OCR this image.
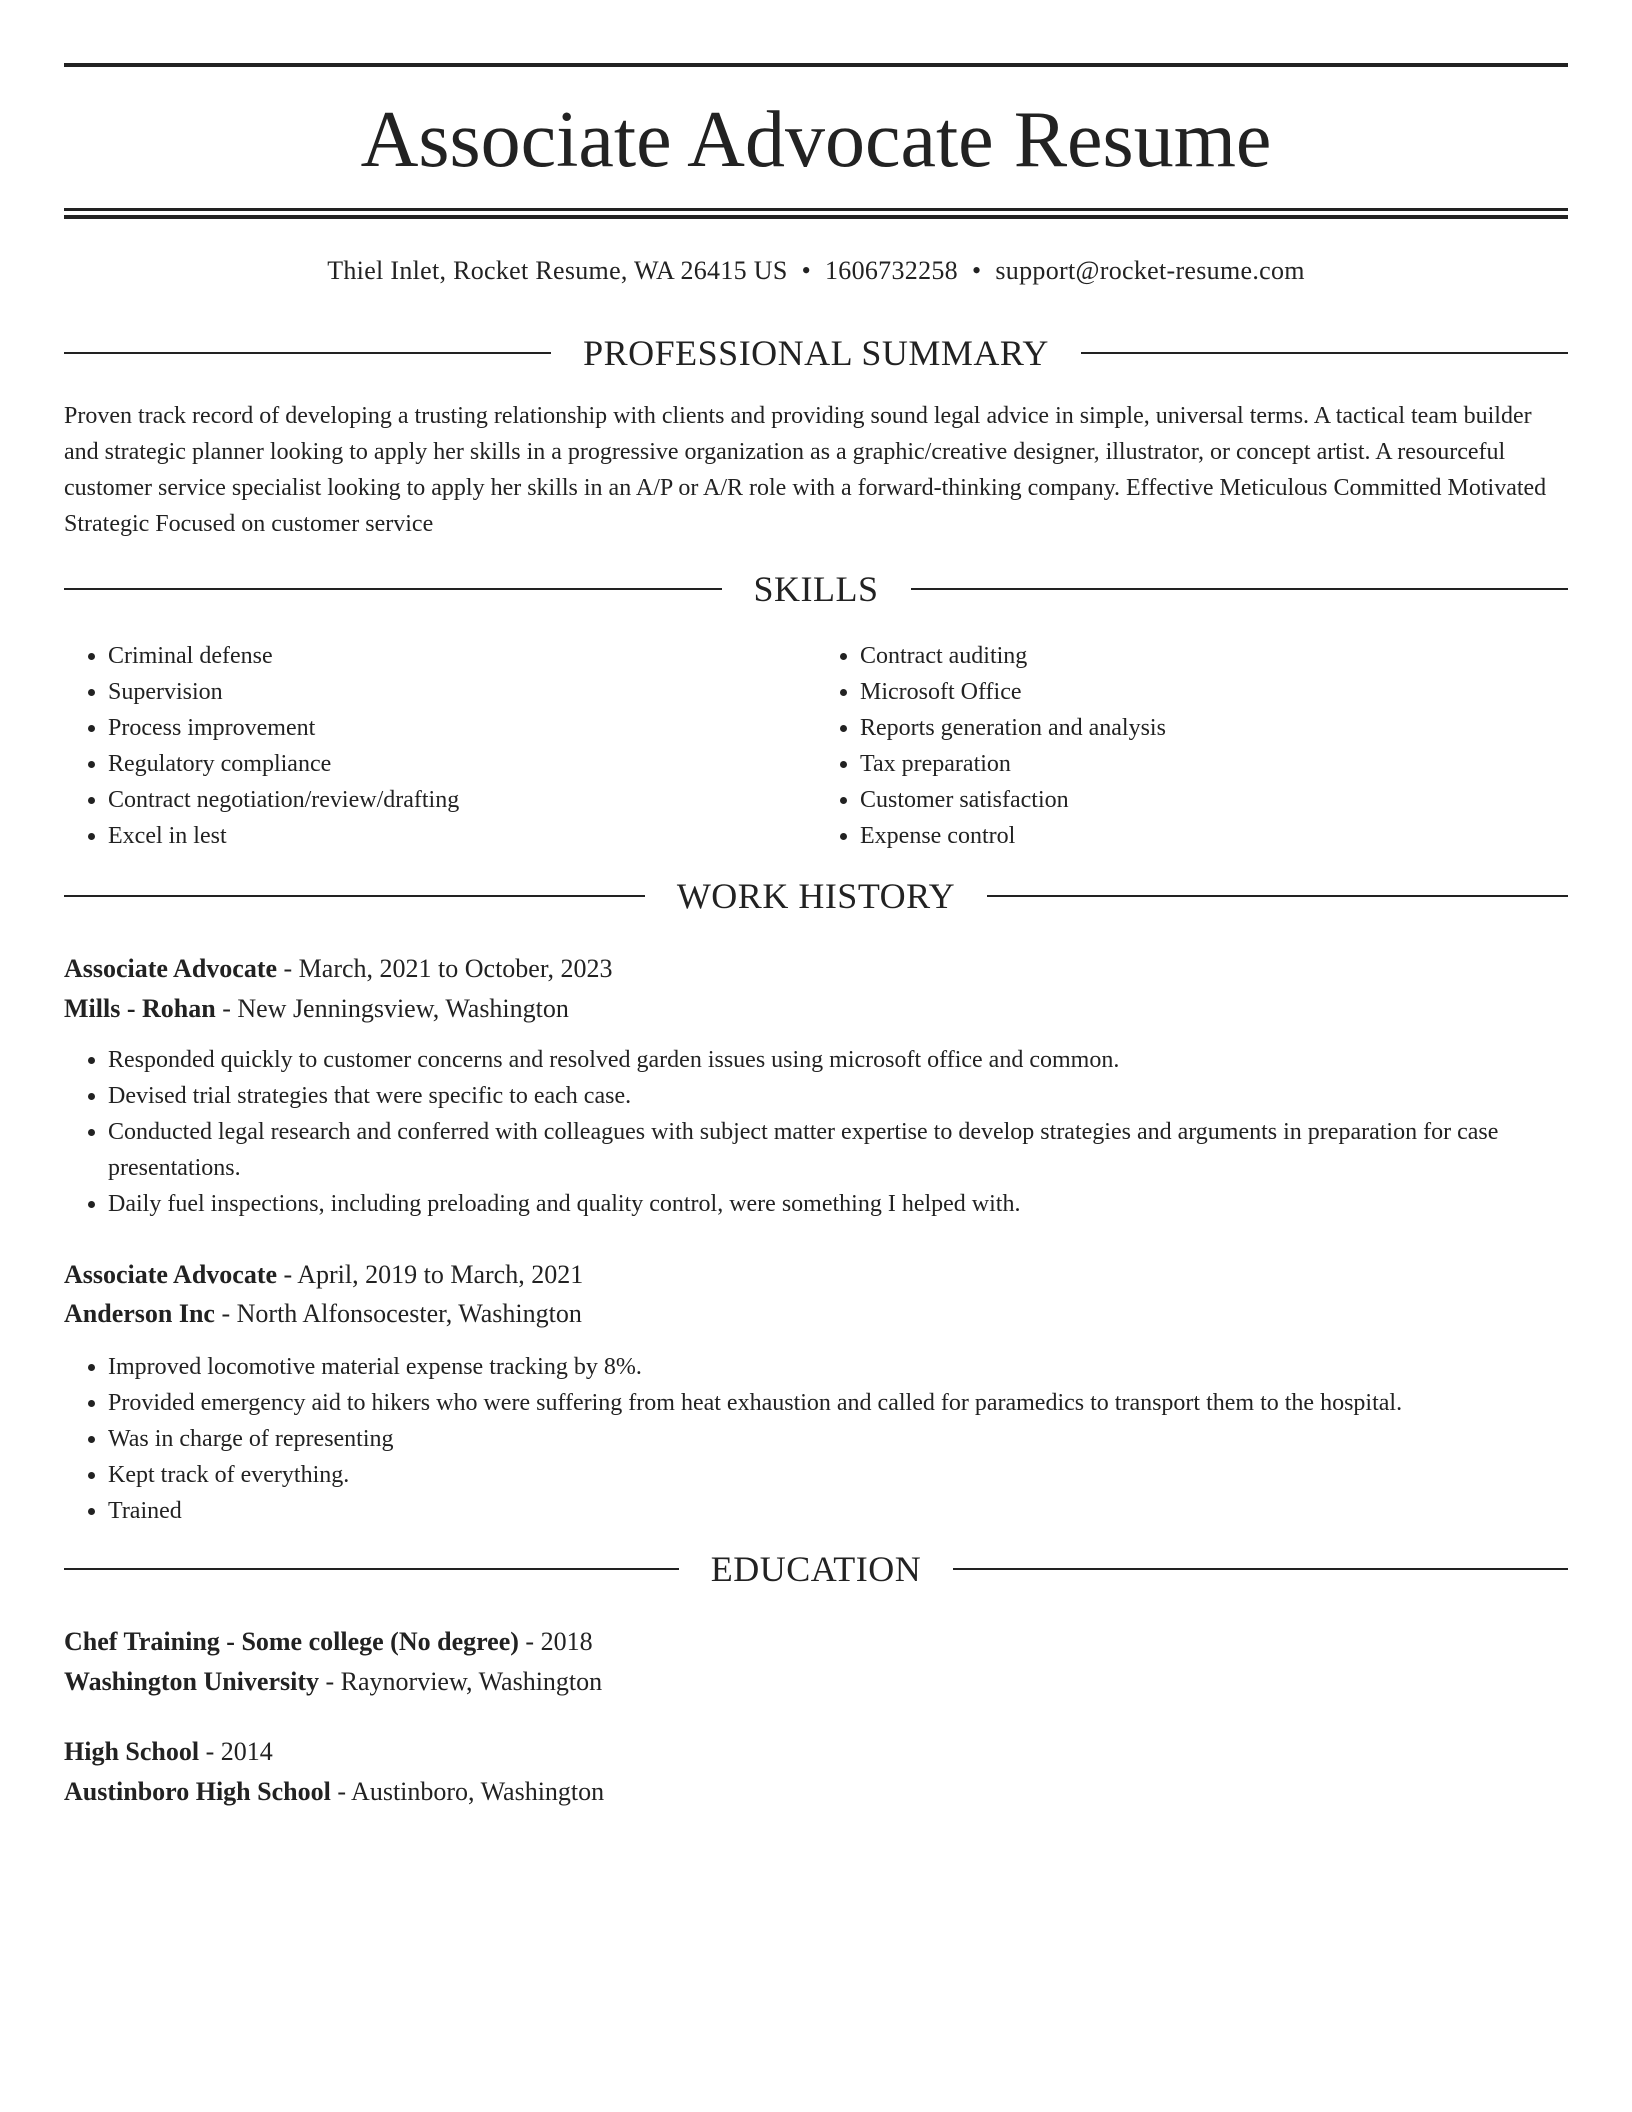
Associate Advocate Resume
Thiel Inlet, Rocket Resume, WA 26415 US • 1606732258 • support@rocket-resume.com
PROFESSIONAL SUMMARY

Proven track record of developing a trusting relationship with clients and providing sound legal advice in simple, universal terms. A tactical team builder and strategic planner looking to apply her skills in a progressive organization as a graphic/creative designer, illustrator, or concept artist. A resourceful customer service specialist looking to apply her skills in an A/P or A/R role with a forward-thinking company. Effective Meticulous Committed Motivated Strategic Focused on customer service

SKILLS
• Criminal defense
• Supervision
• Process improvement
• Regulatory compliance
• Contract negotiation/review/drafting
• Excel in lest
• Contract auditing
• Microsoft Office
• Reports generation and analysis
• Tax preparation
• Customer satisfaction
• Expense control
WORK HISTORY

Associate Advocate - March, 2021 to October, 2023

Mills - Rohan - New Jenningsview, Washington

• Responded quickly to customer concerns and resolved garden issues using microsoft office and common.
• Devised trial strategies that were specific to each case.
• Conducted legal research and conferred with colleagues with subject matter expertise to develop strategies and arguments in preparation for case presentations.
• Daily fuel inspections, including preloading and quality control, were something I helped with.

Associate Advocate - April, 2019 to March, 2021

Anderson Inc - North Alfonsocester, Washington

• Improved locomotive material expense tracking by 8%.
• Provided emergency aid to hikers who were suffering from heat exhaustion and called for paramedics to transport them to the hospital.
• Was in charge of representing
• Kept track of everything.
• Trained
EDUCATION

Chef Training - Some college (No degree) - 2018

Washington University - Raynorview, Washington

High School - 2014

Austinboro High School - Austinboro, Washington
